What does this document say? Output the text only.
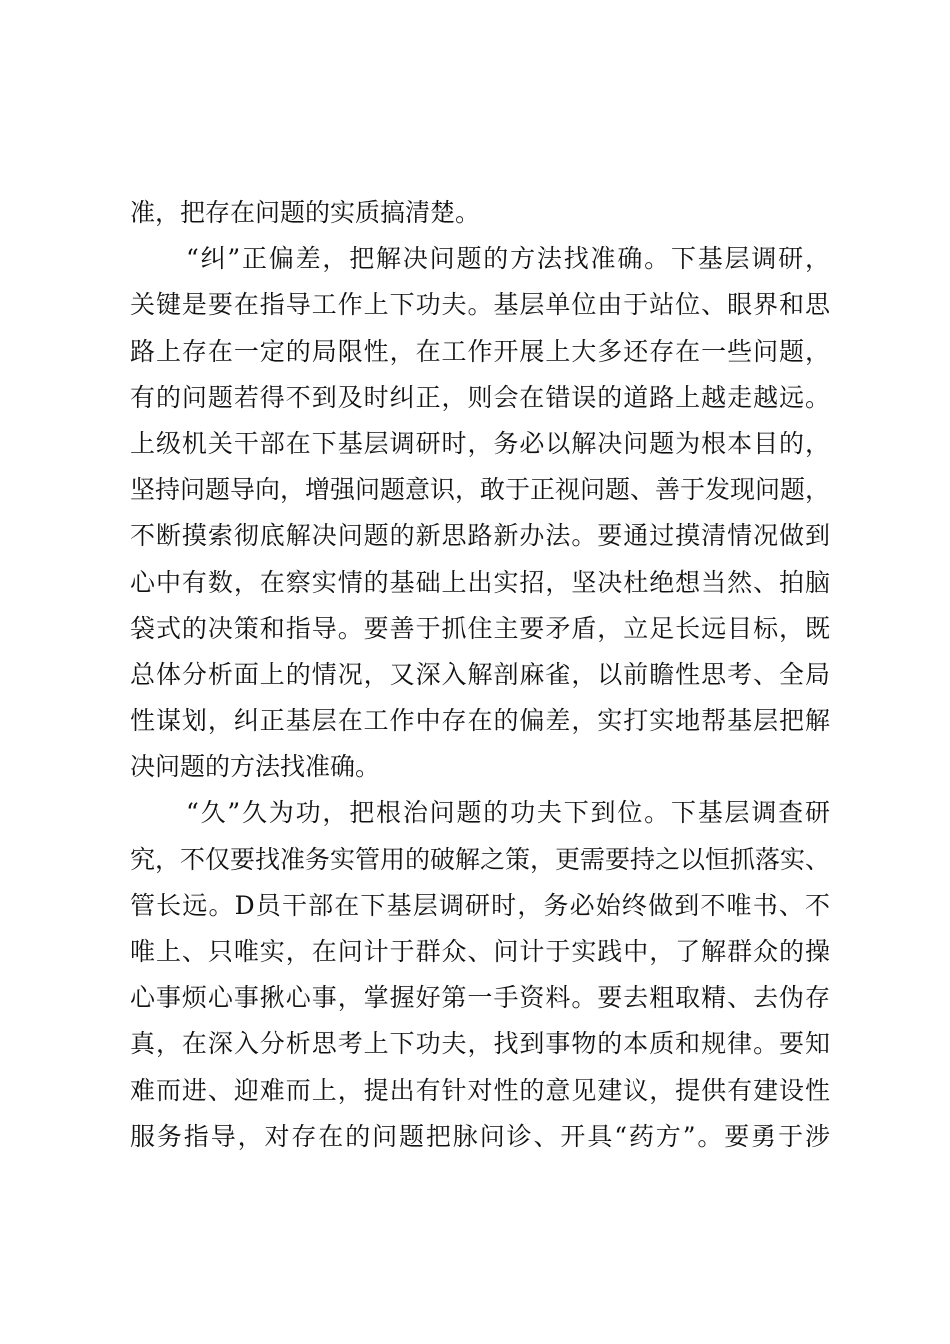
准，把存在问题的实质搞清楚。
“纠”正偏差，把解决问题的方法找准确。下基层调研，
关键是要在指导工作上下功夫。基层单位由于站位、眼界和思
路上存在一定的局限性，在工作开展上大多还存在一些问题，
有的问题若得不到及时纠正，则会在错误的道路上越走越远。
上级机关干部在下基层调研时，务必以解决问题为根本目的，
坚持问题导向，增强问题意识，敢于正视问题、善于发现问题，
不断摸索彻底解决问题的新思路新办法。要通过摸清情况做到
心中有数，在察实情的基础上出实招，坚决杜绝想当然、拍脑
袋式的决策和指导。要善于抓住主要矛盾，立足长远目标，既
总体分析面上的情况，又深入解剖麻雀，以前瞻性思考、全局
性谋划，纠正基层在工作中存在的偏差，实打实地帮基层把解
决问题的方法找准确。
“久”久为功，把根治问题的功夫下到位。下基层调查研
究，不仅要找准务实管用的破解之策，更需要持之以恒抓落实、
管长远。D员干部在下基层调研时，务必始终做到不唯书、不
唯上、只唯实，在问计于群众、问计于实践中，了解群众的操
心事烦心事揪心事，掌握好第一手资料。要去粗取精、去伪存
真，在深入分析思考上下功夫，找到事物的本质和规律。要知
难而进、迎难而上，提出有针对性的意见建议，提供有建设性
服务指导，对存在的问题把脉问诊、开具“药方”。要勇于涉
